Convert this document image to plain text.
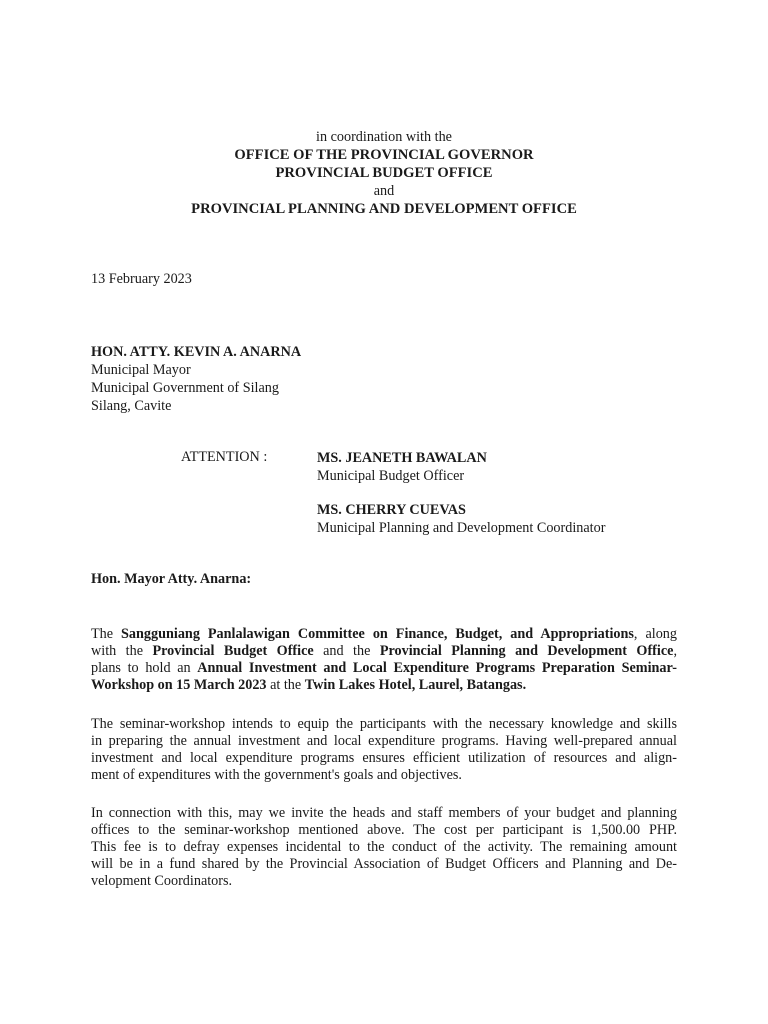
in coordination with the
OFFICE OF THE PROVINCIAL GOVERNOR
PROVINCIAL BUDGET OFFICE
and
PROVINCIAL PLANNING AND DEVELOPMENT OFFICE
13 February 2023
HON. ATTY. KEVIN A. ANARNA
Municipal Mayor
Municipal Government of Silang
Silang, Cavite
ATTENTION :	MS. JEANETH BAWALAN
Municipal Budget Officer
MS. CHERRY CUEVAS
Municipal Planning and Development Coordinator
Hon. Mayor Atty. Anarna:
The Sangguniang Panlalawigan Committee on Finance, Budget, and Appropriations, along
with the Provincial Budget Office and the Provincial Planning and Development Office,
plans to hold an Annual Investment and Local Expenditure Programs Preparation Seminar-
Workshop on 15 March 2023 at the Twin Lakes Hotel, Laurel, Batangas.
The seminar-workshop intends to equip the participants with the necessary knowledge and skills
in preparing the annual investment and local expenditure programs. Having well-prepared annual
investment and local expenditure programs ensures efficient utilization of resources and align-
ment of expenditures with the government's goals and objectives.
In connection with this, may we invite the heads and staff members of your budget and planning
offices to the seminar-workshop mentioned above. The cost per participant is 1,500.00 PHP.
This fee is to defray expenses incidental to the conduct of the activity. The remaining amount
will be in a fund shared by the Provincial Association of Budget Officers and Planning and De-
velopment Coordinators.
